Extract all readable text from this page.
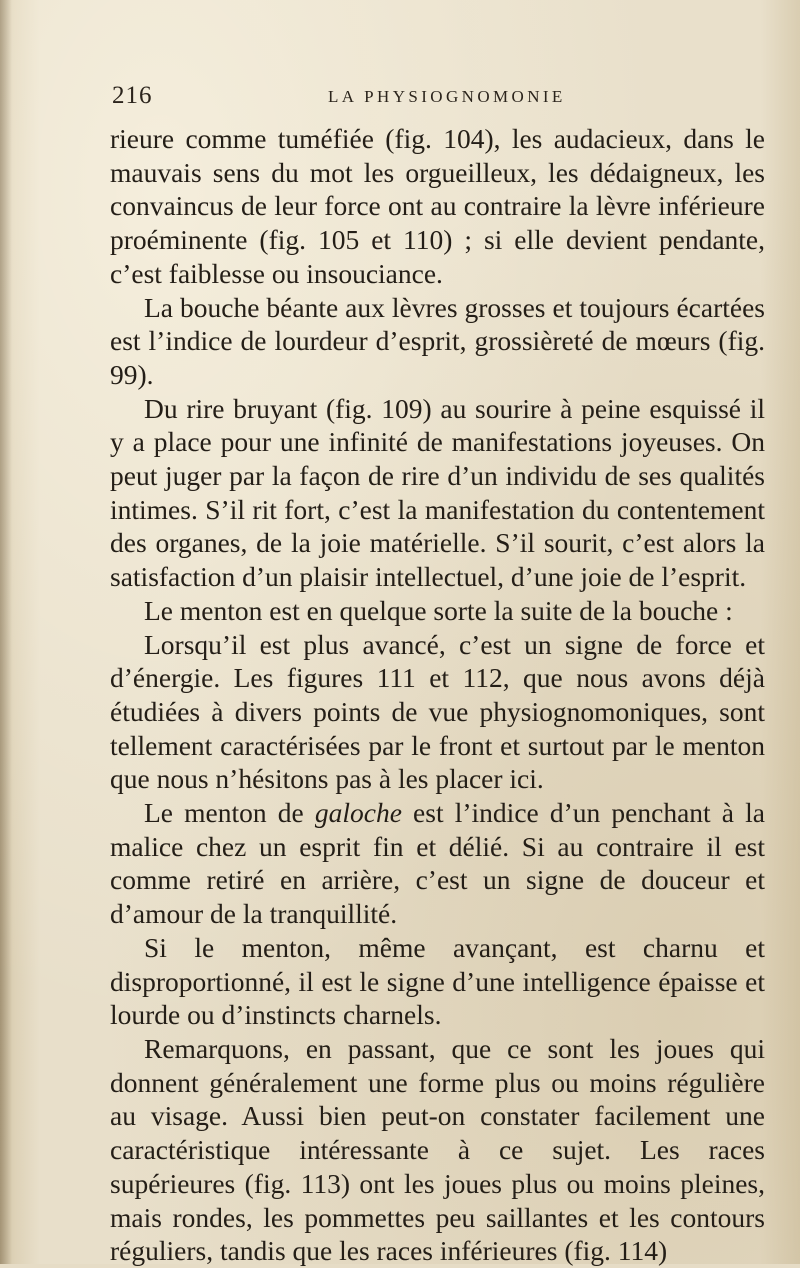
216	LA PHYSIOGNOMONIE

rieure comme tuméfiée (fig. 104), les audacieux, dans le mauvais sens du mot les orgueilleux, les dédaigneux, les convaincus de leur force ont au contraire la lèvre inférieure proéminente (fig. 105 et 110) ; si elle devient pendante, c’est faiblesse ou insouciance.

La bouche béante aux lèvres grosses et toujours écartées est l’indice de lourdeur d’esprit, grossièreté de mœurs (fig. 99).

Du rire bruyant (fig. 109) au sourire à peine esquissé il y a place pour une infinité de manifestations joyeuses. On peut juger par la façon de rire d’un individu de ses qualités intimes. S’il rit fort, c’est la manifestation du contentement des organes, de la joie matérielle. S’il sourit, c’est alors la satisfaction d’un plaisir intellectuel, d’une joie de l’esprit.

Le menton est en quelque sorte la suite de la bouche :

Lorsqu’il est plus avancé, c’est un signe de force et d’énergie. Les figures 111 et 112, que nous avons déjà étudiées à divers points de vue physiognomoniques, sont tellement caractérisées par le front et surtout par le menton que nous n’hésitons pas à les placer ici.

Le menton de galoche est l’indice d’un penchant à la malice chez un esprit fin et délié. Si au contraire il est comme retiré en arrière, c’est un signe de douceur et d’amour de la tranquillité.

Si le menton, même avançant, est charnu et disproportionné, il est le signe d’une intelligence épaisse et lourde ou d’instincts charnels.

Remarquons, en passant, que ce sont les joues qui donnent généralement une forme plus ou moins régulière au visage. Aussi bien peut-on constater facilement une caractéristique intéressante à ce sujet. Les races supérieures (fig. 113) ont les joues plus ou moins pleines, mais rondes, les pommettes peu saillantes et les contours réguliers, tandis que les races inférieures (fig. 114)
